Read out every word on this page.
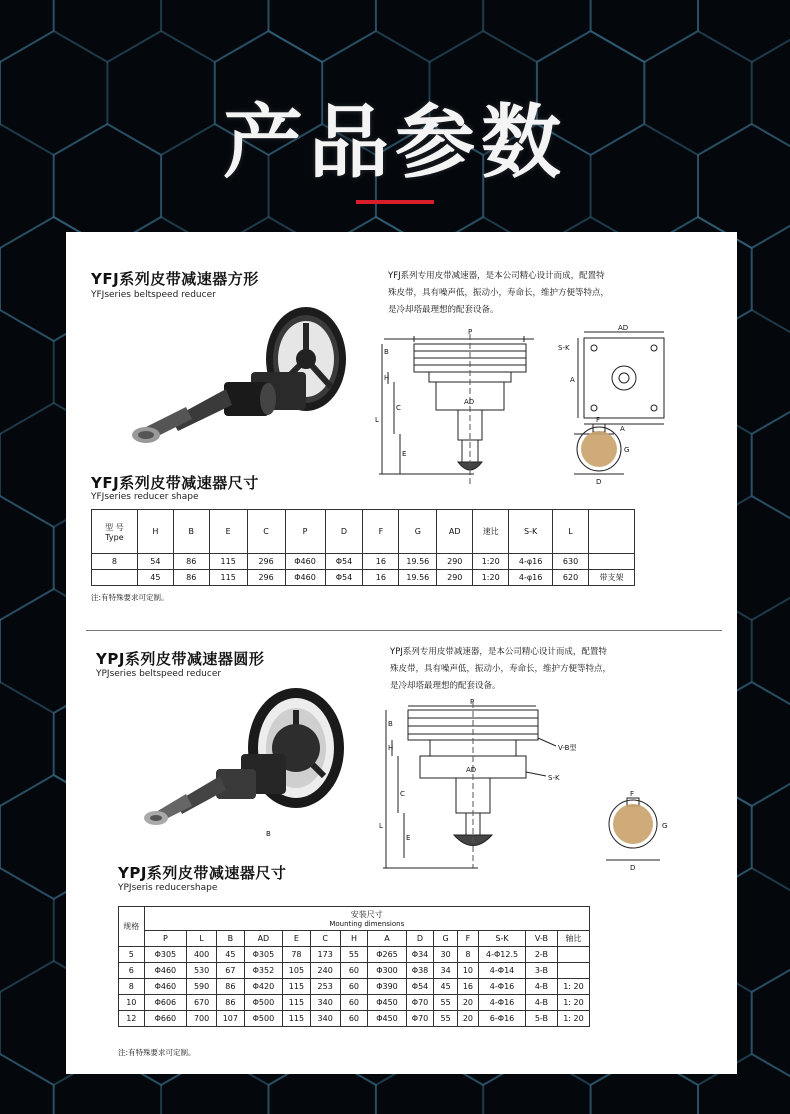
产品参数
YFJ系列皮带减速器方形
YFJseries beltspeed reducer
YFJ系列专用皮带减速器，是本公司精心设计而成，配置特
殊皮带，具有噪声低，振动小，寿命长，维护方便等特点，
是冷却塔最理想的配套设备。
P
B
H
C
L
AD
E
S-K
A
A
AD
F
G
D
YFJ系列皮带减速器尺寸
YFJseries reducer shape
型 号
Type	H	B	E	C	P	D	F	G	AD	速比	S-K	L	
8	54	86	115	296	Φ460	Φ54	16	19.56	290	1:20	4-φ16	630	
	45	86	115	296	Φ460	Φ54	16	19.56	290	1:20	4-φ16	620	带支架
注:有特殊要求可定制。
YPJ系列皮带减速器圆形
YPJseries beltspeed reducer
YPJ系列专用皮带减速器，是本公司精心设计而成，配置特
殊皮带，具有噪声低，振动小，寿命长，维护方便等特点，
是冷却塔最理想的配套设备。
B
P
B
H
C
L
AD
E
V-B型
S-K
F
G
D
YPJ系列皮带减速器尺寸
YPJseris reducershape
规格	安装尺寸
Mounting dimensions													

	P	L	B	AD	E	C	H	A	D	G	F	S-K	V-B	轴比
5	Φ305	400	45	Φ305	78	173	55	Φ265	Φ34	30	8	4-Φ12.5	2-B	
6	Φ460	530	67	Φ352	105	240	60	Φ300	Φ38	34	10	4-Φ14	3-B	
8	Φ460	590	86	Φ420	115	253	60	Φ390	Φ54	45	16	4-Φ16	4-B	1: 20
10	Φ606	670	86	Φ500	115	340	60	Φ450	Φ70	55	20	4-Φ16	4-B	1: 20
12	Φ660	700	107	Φ500	115	340	60	Φ450	Φ70	55	20	6-Φ16	5-B	1: 20
注:有特殊要求可定制。
